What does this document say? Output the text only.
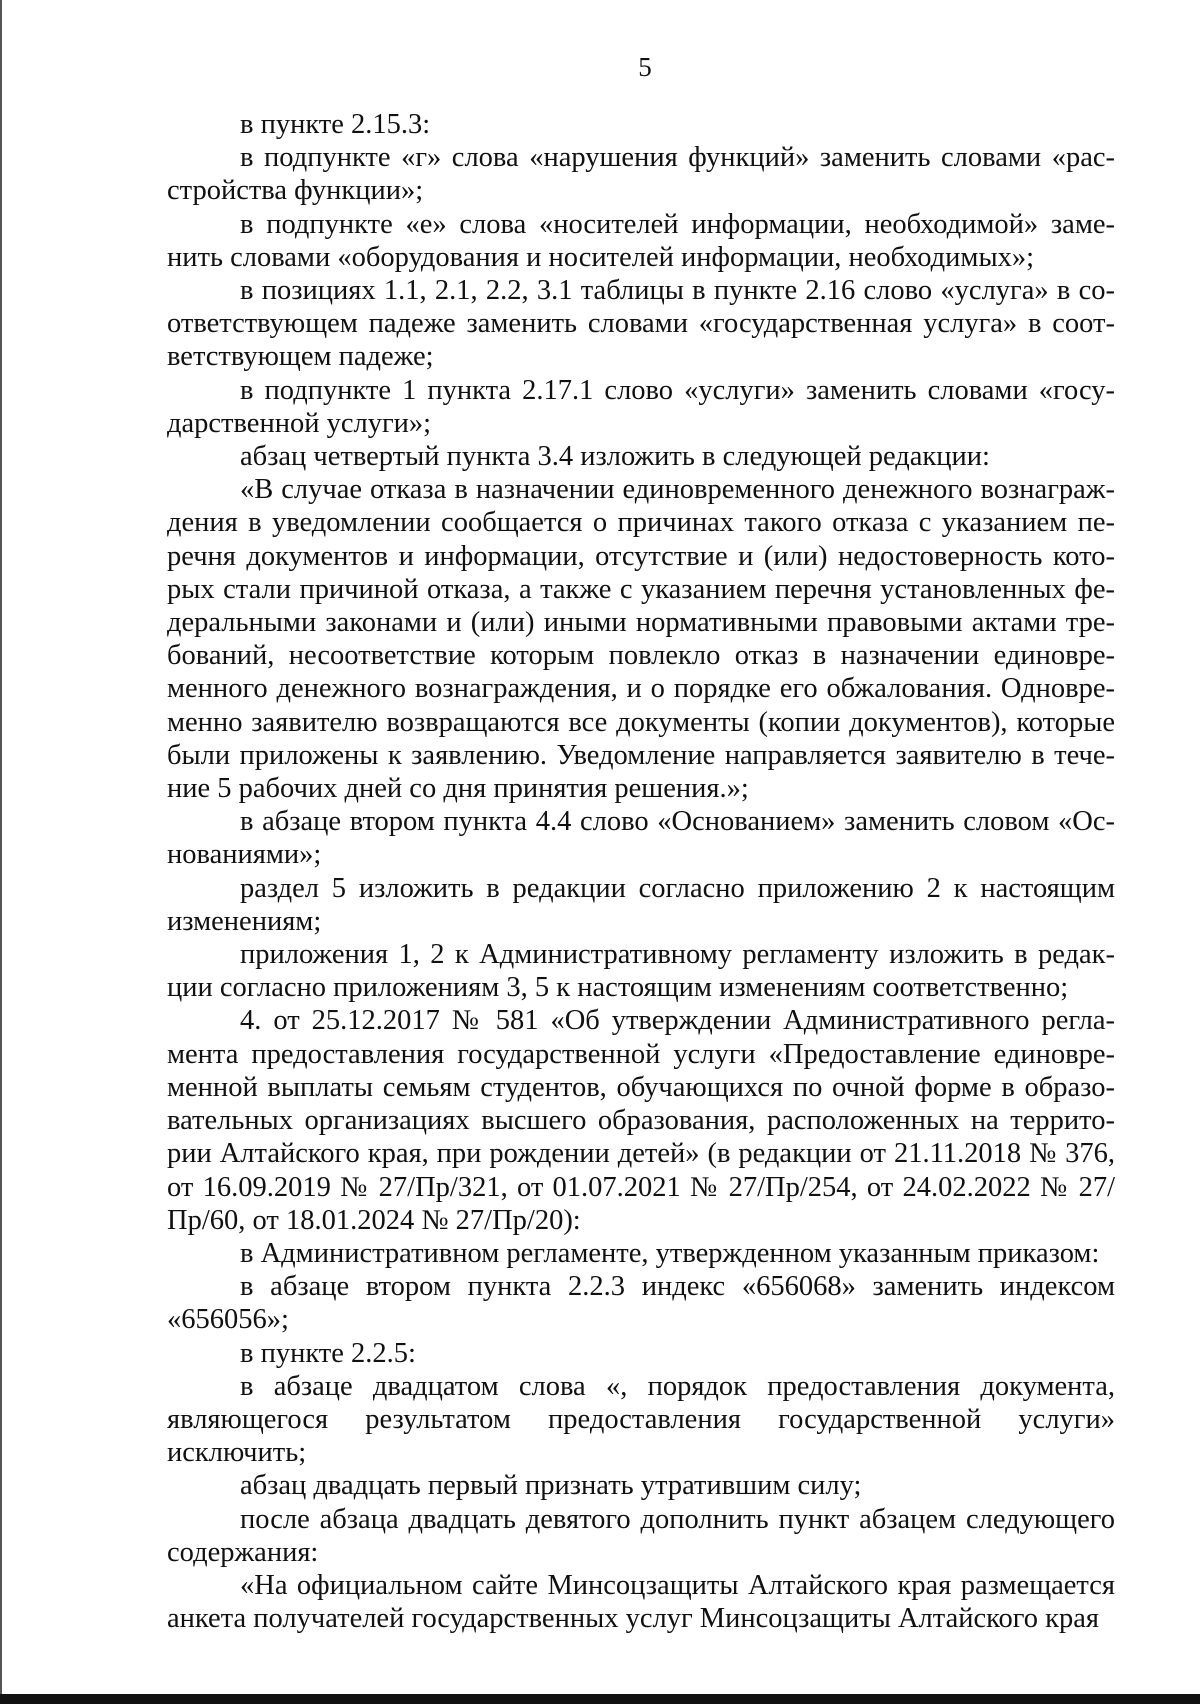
5

в пункте 2.15.3:

в подпункте «г» слова «нарушения функций» заменить словами «расстройства функции»;

в подпункте «е» слова «носителей информации, необходимой» заменить словами «оборудования и носителей информации, необходимых»;

в позициях 1.1, 2.1, 2.2, 3.1 таблицы в пункте 2.16 слово «услуга» в соответствующем падеже заменить словами «государственная услуга» в соответствующем падеже;

в подпункте 1 пункта 2.17.1 слово «услуги» заменить словами «государственной услуги»;

абзац четвертый пункта 3.4 изложить в следующей редакции:

«В случае отказа в назначении единовременного денежного вознаграждения в уведомлении сообщается о причинах такого отказа с указанием перечня документов и информации, отсутствие и (или) недостоверность которых стали причиной отказа, а также с указанием перечня установленных федеральными законами и (или) иными нормативными правовыми актами требований, несоответствие которым повлекло отказ в назначении единовременного денежного вознаграждения, и о порядке его обжалования. Одновременно заявителю возвращаются все документы (копии документов), которые были приложены к заявлению. Уведомление направляется заявителю в течение 5 рабочих дней со дня принятия решения.»;

в абзаце втором пункта 4.4 слово «Основанием» заменить словом «Основаниями»;

раздел 5 изложить в редакции согласно приложению 2 к настоящим изменениям;

приложения 1, 2 к Административному регламенту изложить в редакции согласно приложениям 3, 5 к настоящим изменениям соответственно;

4. от 25.12.2017 № 581 «Об утверждении Административного регламента предоставления государственной услуги «Предоставление единовременной выплаты семьям студентов, обучающихся по очной форме в образовательных организациях высшего образования, расположенных на территории Алтайского края, при рождении детей» (в редакции от 21.11.2018 № 376, от 16.09.2019 № 27/Пр/321, от 01.07.2021 № 27/Пр/254, от 24.02.2022 № 27/Пр/60, от 18.01.2024 № 27/Пр/20):

в Административном регламенте, утвержденном указанным приказом:

в абзаце втором пункта 2.2.3 индекс «656068» заменить индексом «656056»;

в пункте 2.2.5:

в абзаце двадцатом слова «, порядок предоставления документа, являющегося результатом предоставления государственной услуги» исключить;

абзац двадцать первый признать утратившим силу;

после абзаца двадцать девятого дополнить пункт абзацем следующего содержания:

«На официальном сайте Минсоцзащиты Алтайского края размещается анкета получателей государственных услуг Минсоцзащиты Алтайского края
